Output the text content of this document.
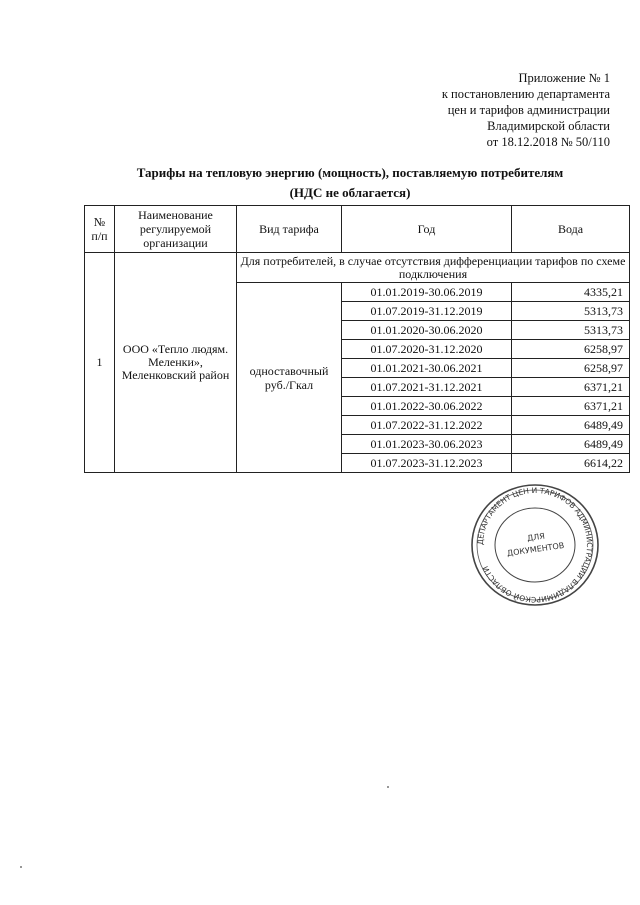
Приложение № 1
к постановлению департамента
цен и тарифов администрации
Владимирской области
от 18.12.2018 № 50/110
Тарифы на тепловую энергию (мощность), поставляемую потребителям
(НДС не облагается)
№ п/п	Наименование регулируемой организации	Вид тарифа	Год	Вода
1	ООО «Тепло людям. Меленки», Меленковский район	Для потребителей, в случае отсутствия дифференциации тарифов по схеме подключения		
		одноставочный руб./Гкал	01.01.2019-30.06.2019	4335,21
			01.07.2019-31.12.2019	5313,73
			01.01.2020-30.06.2020	5313,73
			01.07.2020-31.12.2020	6258,97
			01.01.2021-30.06.2021	6258,97
			01.07.2021-31.12.2021	6371,21
			01.01.2022-30.06.2022	6371,21
			01.07.2022-31.12.2022	6489,49
			01.01.2023-30.06.2023	6489,49
			01.07.2023-31.12.2023	6614,22
ДЕПАРТАМЕНТ ЦЕН И ТАРИФОВ АДМИНИСТРАЦИИ ВЛАДИМИРСКОЙ ОБЛАСТИ
ДЛЯ
ДОКУМЕНТОВ
